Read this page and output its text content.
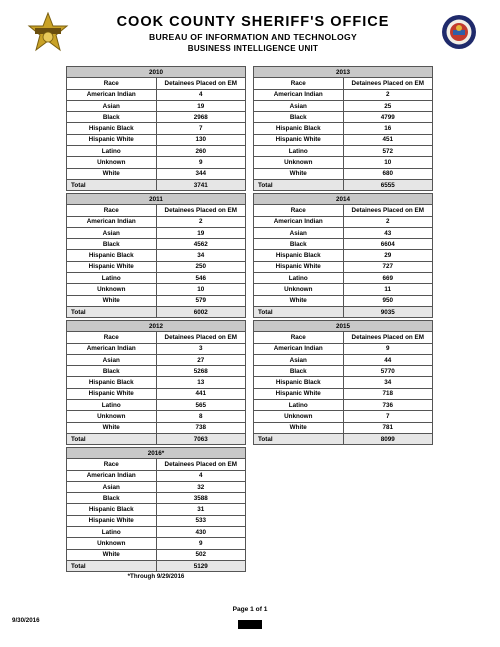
COOK COUNTY SHERIFF'S OFFICE
BUREAU OF INFORMATION AND TECHNOLOGY
BUSINESS INTELLIGENCE UNIT
2010	
Race	Detainees Placed on EM
American Indian	4
Asian	19
Black	2968
Hispanic Black	7
Hispanic White	130
Latino	260
Unknown	9
White	344
Total	3741
2013	
Race	Detainees Placed on EM
American Indian	2
Asian	25
Black	4799
Hispanic Black	16
Hispanic White	451
Latino	572
Unknown	10
White	680
Total	6555
2011	
Race	Detainees Placed on EM
American Indian	2
Asian	19
Black	4562
Hispanic Black	34
Hispanic White	250
Latino	546
Unknown	10
White	579
Total	6002
2014	
Race	Detainees Placed on EM
American Indian	2
Asian	43
Black	6604
Hispanic Black	29
Hispanic White	727
Latino	669
Unknown	11
White	950
Total	9035
2012	
Race	Detainees Placed on EM
American Indian	3
Asian	27
Black	5268
Hispanic Black	13
Hispanic White	441
Latino	565
Unknown	8
White	738
Total	7063
2015	
Race	Detainees Placed on EM
American Indian	9
Asian	44
Black	5770
Hispanic Black	34
Hispanic White	718
Latino	736
Unknown	7
White	781
Total	8099
2016*	
Race	Detainees Placed on EM
American Indian	4
Asian	32
Black	3588
Hispanic Black	31
Hispanic White	533
Latino	430
Unknown	9
White	502
Total	5129
*Through 9/29/2016
Page 1 of 1
9/30/2016
